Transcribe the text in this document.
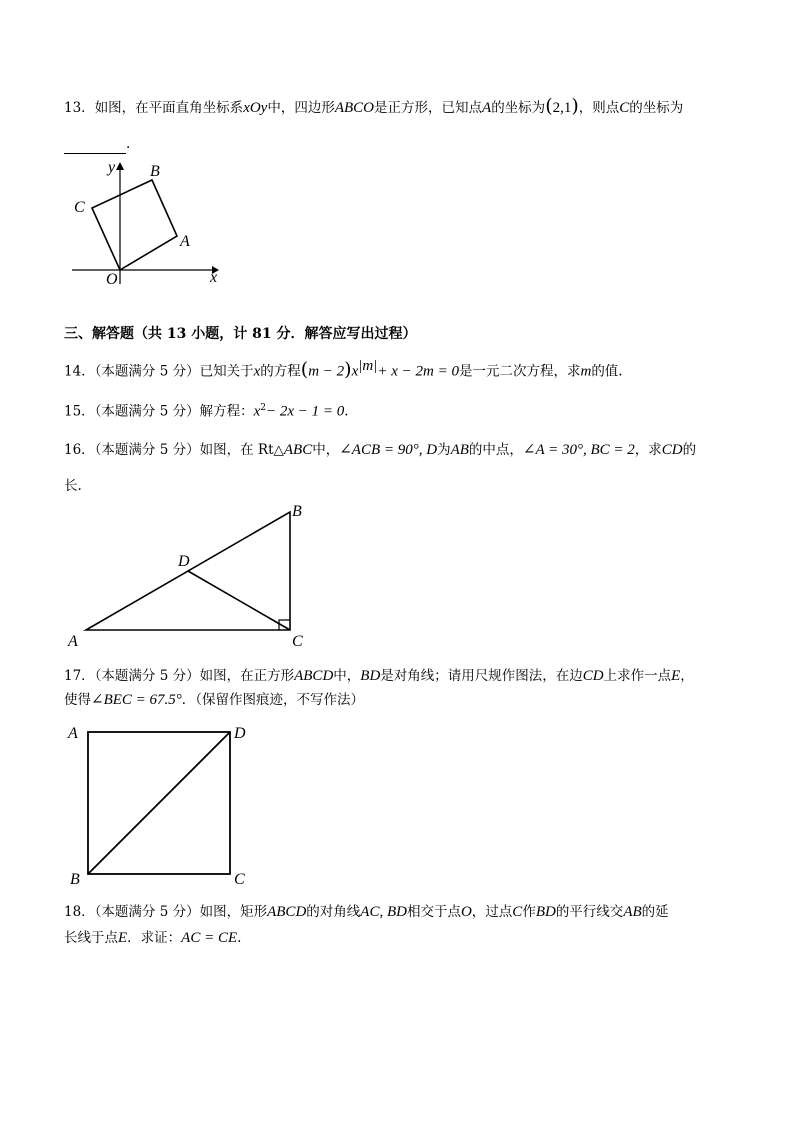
13．如图，在平面直角坐标系xOy中，四边形ABCO是正方形，已知点A的坐标为(2,1)，则点C的坐标为
.
y
x
O
A
B
C
三、解答题（共 13 小题，计 81 分．解答应写出过程）
14．（本题满分 5 分）已知关于x的方程$(m - 2)x^{|m|}+ x - 2m = 0$是一元二次方程，求m的值.
15．（本题满分 5 分）解方程：$x^2- 2x - 1 = 0$.
16．（本题满分 5 分）如图，在 Rt△ABC中，∠ACB = 90°, D为AB的中点，∠A = 30°, BC = 2，求CD的
长.
A
B
C
D
17．（本题满分 5 分）如图，在正方形ABCD中，BD是对角线；请用尺规作图法，在边CD上求作一点E，
使得∠BEC = 67.5°．（保留作图痕迹，不写作法）
A	D
B	C
18．（本题满分 5 分）如图，矩形ABCD的对角线AC, BD相交于点O，过点C作BD的平行线交AB的延
长线于点E．求证：AC = CE.
